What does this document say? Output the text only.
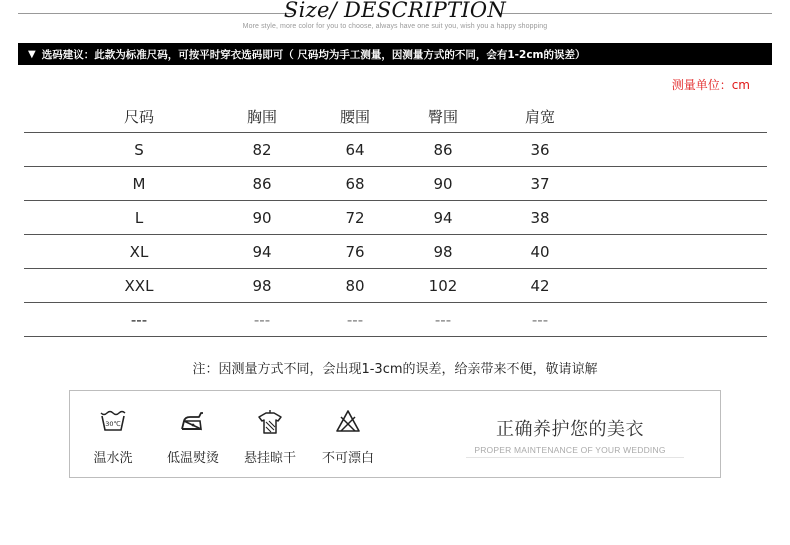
Size/ DESCRIPTION
More style, more color for you to choose, always have one suit you, wish you a happy shopping
▼ 选码建议：此款为标准尺码，可按平时穿衣选码即可（ 尺码均为手工测量，因测量方式的不同，会有1-2cm的误差）
测量单位：cm
尺码	胸围	腰围	臀围	肩宽
S	82	64	86	36
M	86	68	90	37
L	90	72	94	38
XL	94	76	98	40
XXL	98	80	102	42
---	---	---	---	---
注：因测量方式不同，会出现1-3cm的误差，给亲带来不便，敬请谅解
30℃
温水洗	低温熨烫	悬挂晾干	不可漂白
正确养护您的美衣
PROPER MAINTENANCE OF YOUR WEDDING
